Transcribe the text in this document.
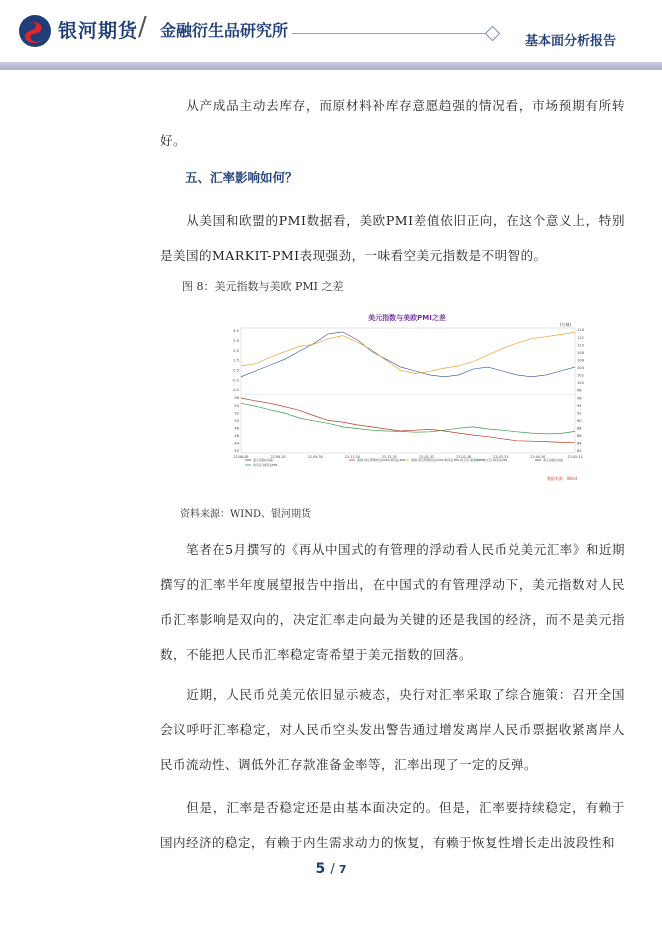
银河期货 / 金融衍生品研究所
基本面分析报告
从产成品主动去库存，而原材料补库存意愿趋强的情况看，市场预期有所转好。
五、汇率影响如何？
从美国和欧盟的PMI数据看，美欧PMI差值依旧正向，在这个意义上，特别是美国的MARKIT-PMI表现强劲，一味看空美元指数是不明智的。
图 8：美元指数与美欧 PMI 之差
美元指数与美欧PMI之差
(右轴)
4.5
3.5
2.5
1.5
0.5
-0.5
-1.5
56
54
52
50
48
46
44
42
114
112
110
108
106
104
102
100
98
96
94
92
90
88
86
84
82
22-06-08	22-08-30	22-09-30	22-11-30	22-12-31	23-01-31	23-02-28	23-03-31	23-04-30	23-05-31
美元指数(右轴)
欧元区:制造业PMI
美国:供应管理协会(ISM):制造业PMI 美国:供应管理协会(ISM):制造业PMI-欧元区:制造业PMI
欧元区:制造业PMI	美元指数(左轴)
数据来源：Wind
资料来源：WIND、银河期货
笔者在5月撰写的《再从中国式的有管理的浮动看人民币兑美元汇率》和近期撰写的汇率半年度展望报告中指出，在中国式的有管理浮动下，美元指数对人民币汇率影响是双向的，决定汇率走向最为关键的还是我国的经济，而不是美元指数，不能把人民币汇率稳定寄希望于美元指数的回落。
近期，人民币兑美元依旧显示疲态，央行对汇率采取了综合施策：召开全国会议呼吁汇率稳定，对人民币空头发出警告通过增发离岸人民币票据收紧离岸人民币流动性、调低外汇存款准备金率等，汇率出现了一定的反弹。
但是，汇率是否稳定还是由基本面决定的。但是，汇率要持续稳定，有赖于国内经济的稳定，有赖于内生需求动力的恢复，有赖于恢复性增长走出波段性和
5 / 7
